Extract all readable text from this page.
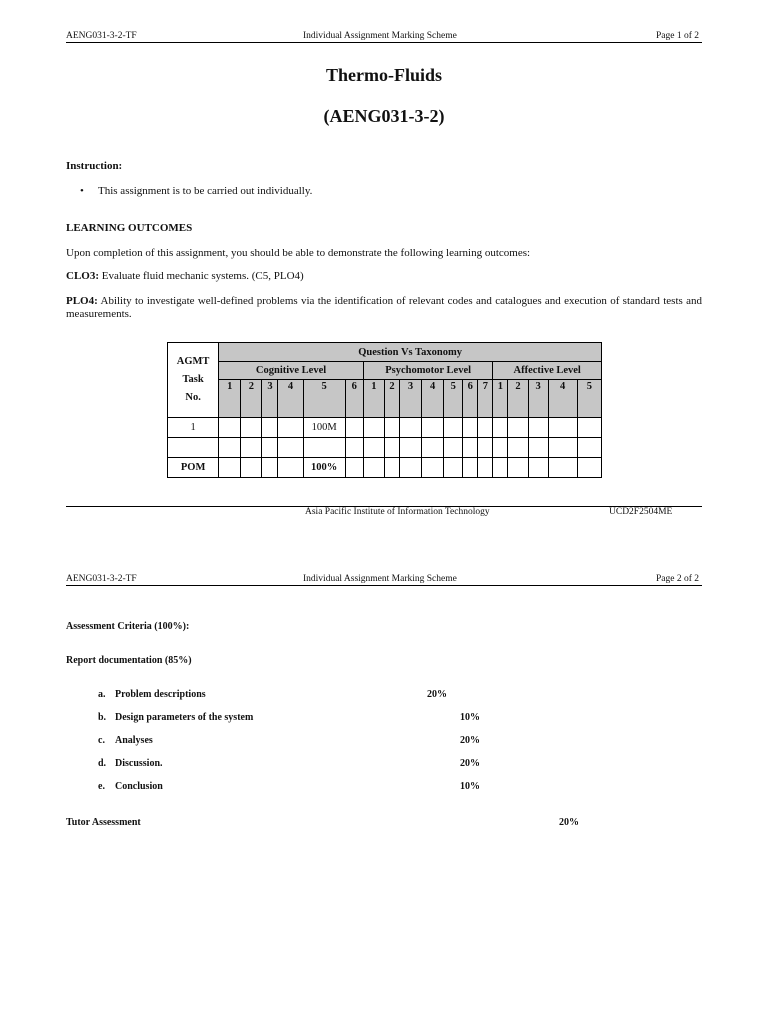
AENG031-3-2-TF	Individual Assignment Marking Scheme	Page 1 of 2
Thermo-Fluids
(AENG031-3-2)
Instruction:
• This assignment is to be carried out individually.
LEARNING OUTCOMES
Upon completion of this assignment, you should be able to demonstrate the following learning outcomes:
CLO3: Evaluate fluid mechanic systems. (C5, PLO4)
PLO4: Ability to investigate well-defined problems via the identification of relevant codes and catalogues and execution of standard tests and measurements.
AGMT
Task
No.	Question Vs Taxonomy																	
	Cognitive Level						Psychomotor Level							Affective Level				
	1	2	3	4	5	6	1	2	3	4	5	6	7	1	2	3	4	5
1					100M													

POM					100%													
Asia Pacific Institute of Information Technology	UCD2F2504ME
AENG031-3-2-TF	Individual Assignment Marking Scheme	Page 2 of 2
Assessment Criteria (100%):
Report documentation (85%)
a. Problem descriptions	20%
b. Design parameters of the system	10%
c. Analyses	20%
d. Discussion.	20%
e. Conclusion	10%
Tutor Assessment	20%
